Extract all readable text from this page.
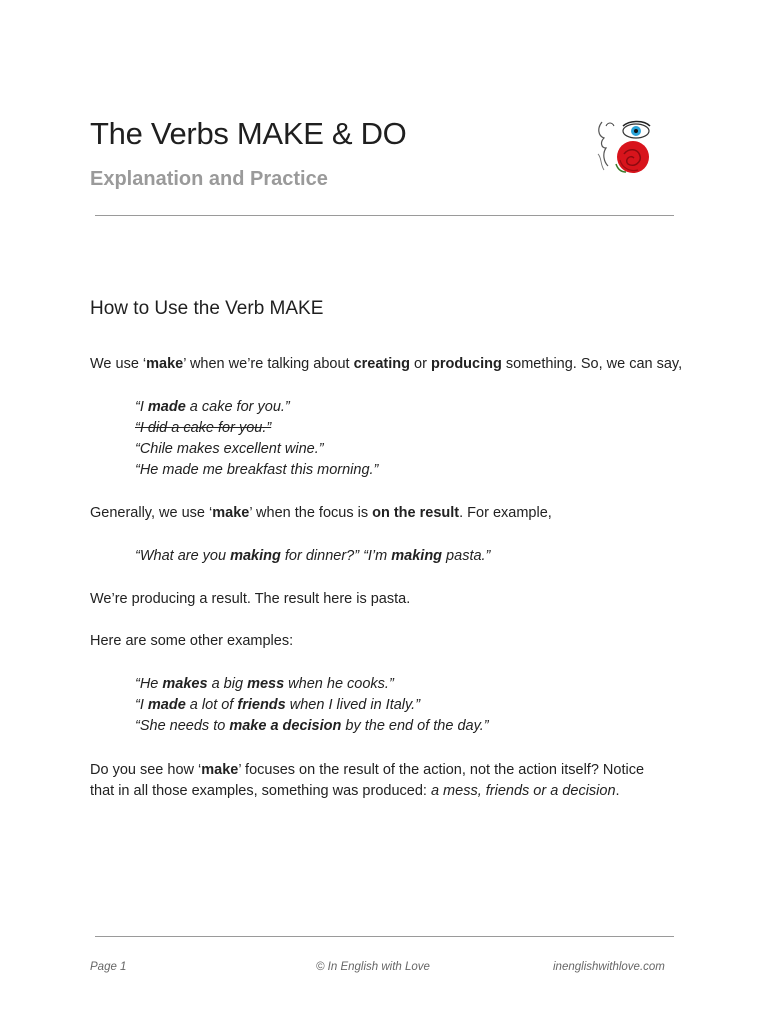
The Verbs MAKE & DO
Explanation and Practice
How to Use the Verb MAKE

We use ‘make’ when we’re talking about creating or producing something. So, we can say,

“I made a cake for you.”
“I did a cake for you.”
“Chile makes excellent wine.”
“He made me breakfast this morning.”

Generally, we use ‘make’ when the focus is on the result. For example,

“What are you making for dinner?” “I’m making pasta.”

We’re producing a result. The result here is pasta.

Here are some other examples:

“He makes a big mess when he cooks.”
“I made a lot of friends when I lived in Italy.”
“She needs to make a decision by the end of the day.”

Do you see how ‘make’ focuses on the result of the action, not the action itself? Notice that in all those examples, something was produced: a mess, friends or a decision.

Page 1	© In English with Love	inenglishwithlove.com
